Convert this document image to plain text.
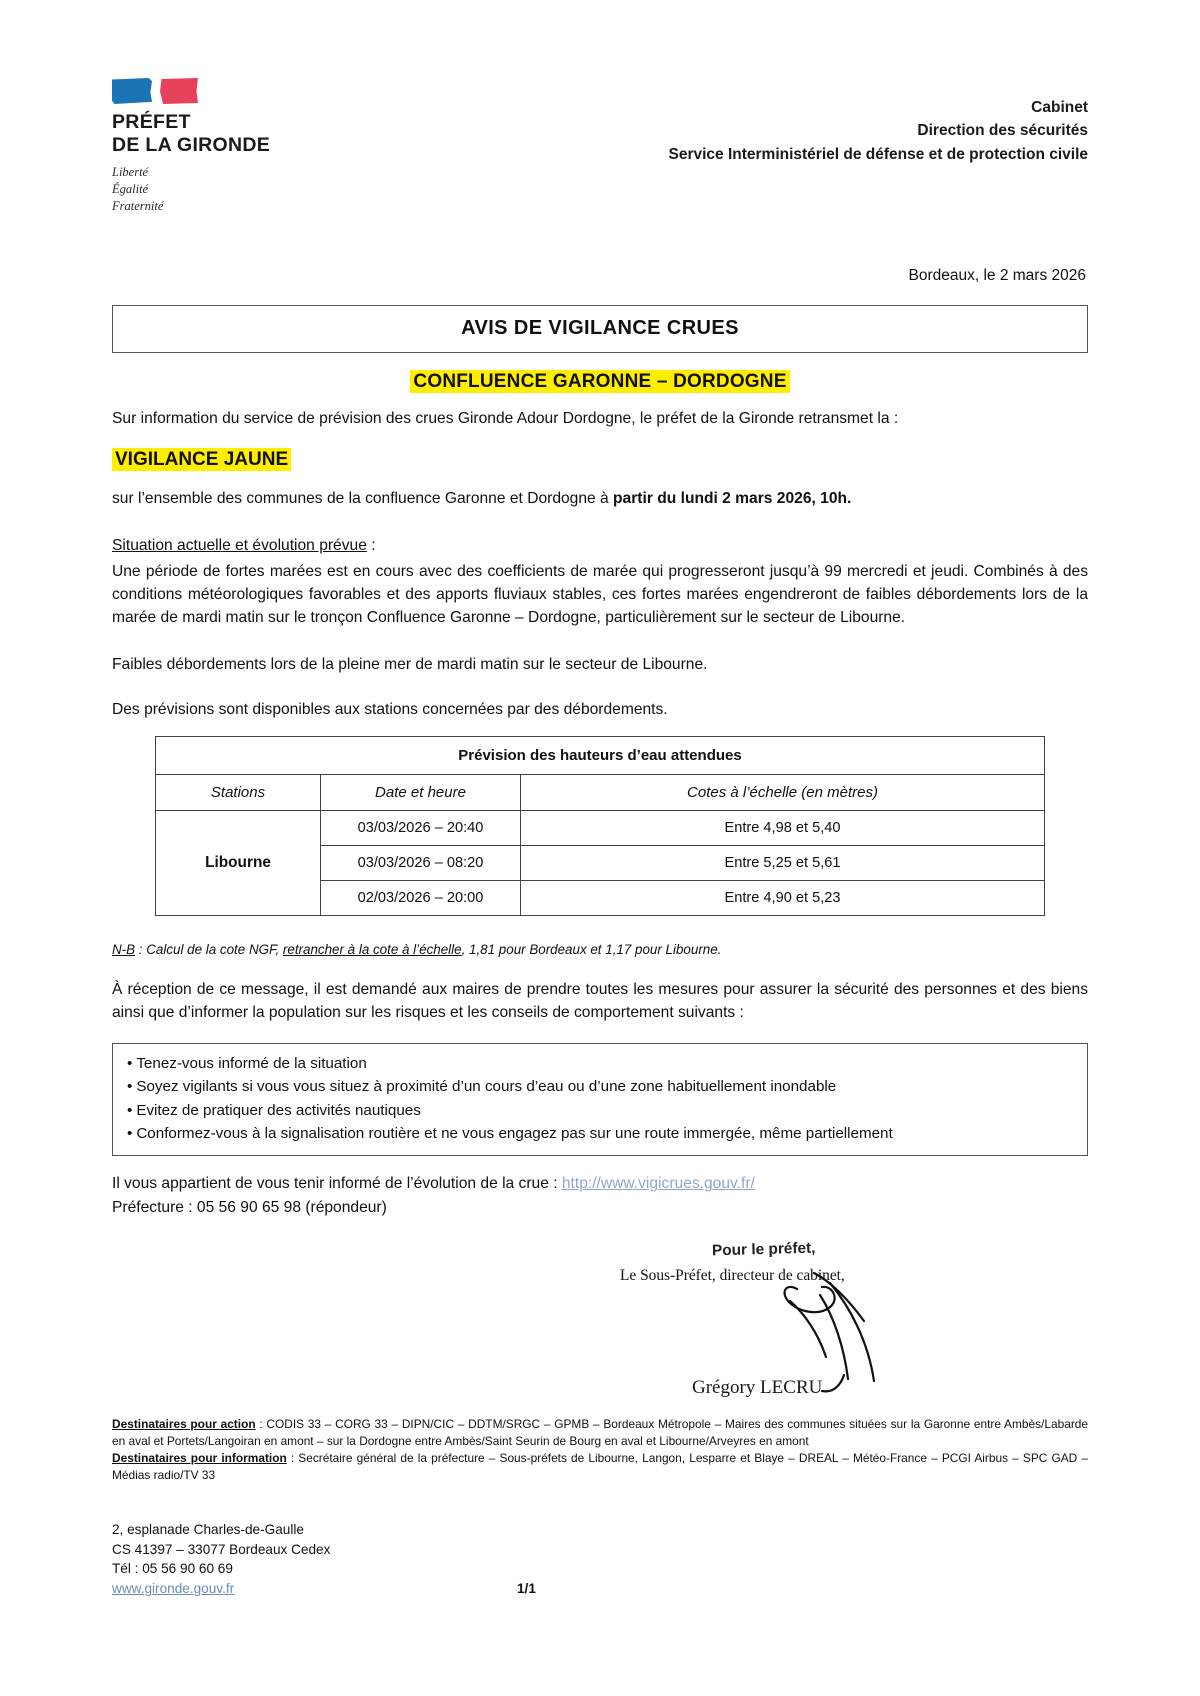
PRÉFET
DE LA GIRONDE
Liberté
Égalité
Fraternité
Cabinet
Direction des sécurités
Service Interministériel de défense et de protection civile
Bordeaux, le 2 mars 2026
AVIS DE VIGILANCE CRUES
CONFLUENCE GARONNE – DORDOGNE

Sur information du service de prévision des crues Gironde Adour Dordogne, le préfet de la Gironde retransmet la :

VIGILANCE JAUNE

sur l’ensemble des communes de la confluence Garonne et Dordogne à partir du lundi 2 mars 2026, 10h.

Situation actuelle et évolution prévue :

Une période de fortes marées est en cours avec des coefficients de marée qui progresseront jusqu’à 99 mercredi et jeudi. Combinés à des conditions météorologiques favorables et des apports fluviaux stables, ces fortes marées engendreront de faibles débordements lors de la marée de mardi matin sur le tronçon Confluence Garonne – Dordogne, particulièrement sur le secteur de Libourne.

Faibles débordements lors de la pleine mer de mardi matin sur le secteur de Libourne.

Des prévisions sont disponibles aux stations concernées par des débordements.

Prévision des hauteurs d’eau attendues		
Stations	Date et heure	Cotes à l’échelle (en mètres)
Libourne	03/03/2026 – 20:40	Entre 4,98 et 5,40
	03/03/2026 – 08:20	Entre 5,25 et 5,61
	02/03/2026 – 20:00	Entre 4,90 et 5,23
N-B : Calcul de la cote NGF, retrancher à la cote à l’échelle, 1,81 pour Bordeaux et 1,17 pour Libourne.

À réception de ce message, il est demandé aux maires de prendre toutes les mesures pour assurer la sécurité des personnes et des biens ainsi que d’informer la population sur les risques et les conseils de comportement suivants :

• Tenez-vous informé de la situation
• Soyez vigilants si vous vous situez à proximité d’un cours d’eau ou d’une zone habituellement inondable
• Evitez de pratiquer des activités nautiques
• Conformez-vous à la signalisation routière et ne vous engagez pas sur une route immergée, même partiellement
Il vous appartient de vous tenir informé de l’évolution de la crue : http://www.vigicrues.gouv.fr/
Préfecture : 05 56 90 65 98 (répondeur)
Le Sous-Préfet, directeur de cabinet,
Pour le préfet,
Grégory LECRU
Destinataires pour action : CODIS 33 – CORG 33 – DIPN/CIC – DDTM/SRGC – GPMB – Bordeaux Métropole – Maires des communes situées sur la Garonne entre Ambès/Labarde en aval et Portets/Langoiran en amont – sur la Dordogne entre Ambès/Saint Seurin de Bourg en aval et Libourne/Arveyres en amont
Destinataires pour information : Secrétaire général de la préfecture – Sous-préfets de Libourne, Langon, Lesparre et Blaye – DREAL – Météo-France – PCGI Airbus – SPC GAD – Médias radio/TV 33
2, esplanade Charles-de-Gaulle
CS 41397 – 33077 Bordeaux Cedex
Tél : 05 56 90 60 69
www.gironde.gouv.fr	1/1
